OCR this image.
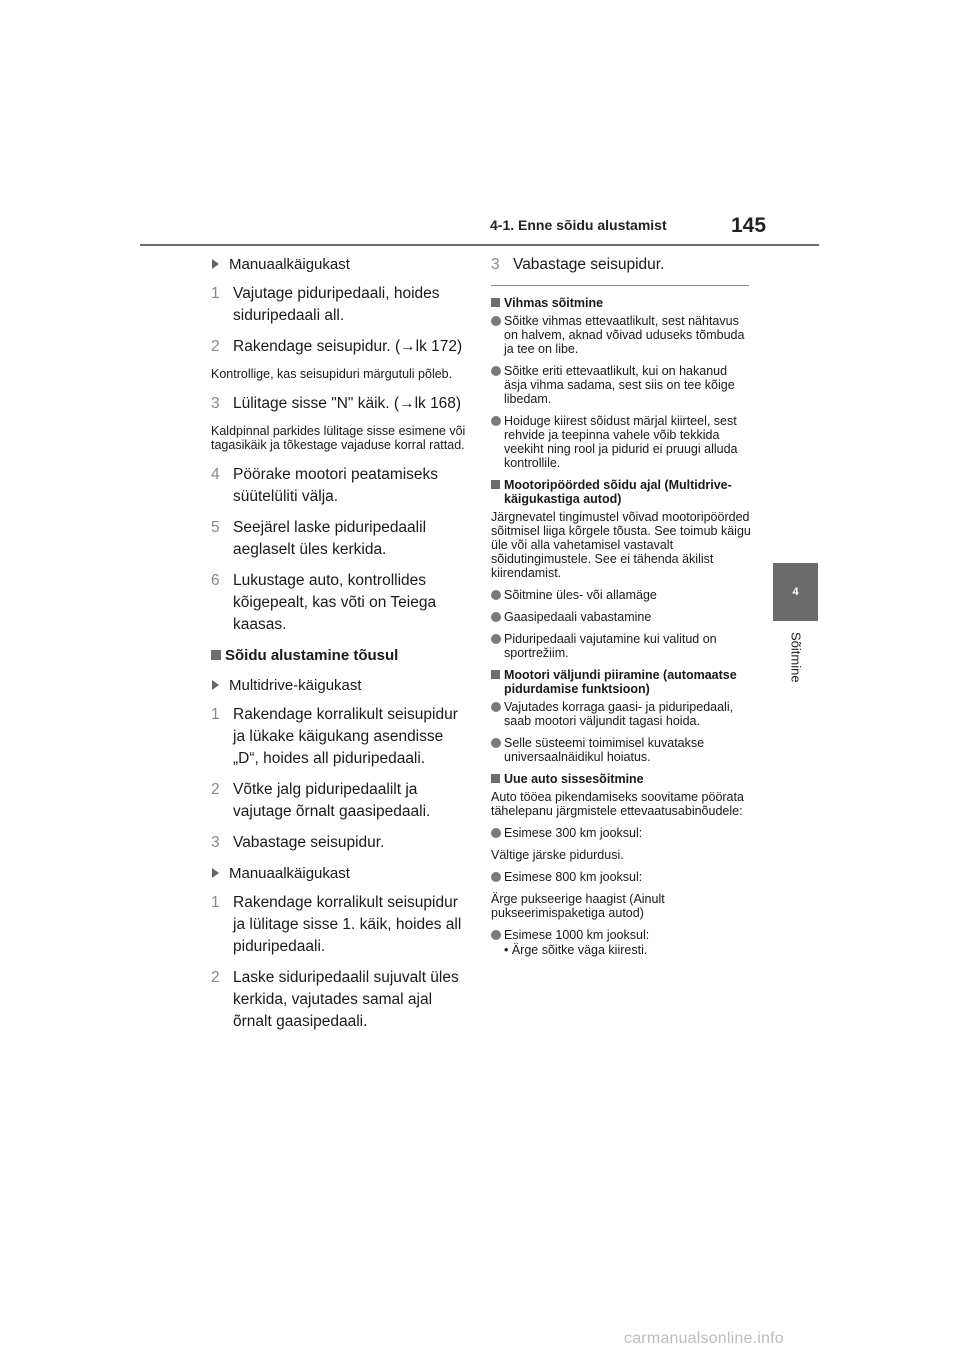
4-1. Enne sõidu alustamist	145
4
Sõitmine
Manuaalkäigukast
1 Vajutage piduripedaali, hoides siduripedaali all.
2 Rakendage seisupidur. (→lk 172)
Kontrollige, kas seisupiduri märgutuli põleb.
3 Lülitage sisse "N" käik. (→lk 168)
Kaldpinnal parkides lülitage sisse esimene või tagasikäik ja tõkestage vajaduse korral rattad.
4 Pöörake mootori peatamiseks süütelüliti välja.
5 Seejärel laske piduripedaalil aeglaselt üles kerkida.
6 Lukustage auto, kontrollides kõigepealt, kas võti on Teiega kaasas.
Sõidu alustamine tõusul
Multidrive-käigukast
1 Rakendage korralikult seisupidur ja lükake käigukang asendisse „D“, hoides all piduripedaali.
2 Võtke jalg piduripedaalilt ja vajutage õrnalt gaasipedaali.
3 Vabastage seisupidur.
Manuaalkäigukast
1 Rakendage korralikult seisupidur ja lülitage sisse 1. käik, hoides all piduripedaali.
2 Laske siduripedaalil sujuvalt üles kerkida, vajutades samal ajal õrnalt gaasipedaali.
3 Vabastage seisupidur.
Vihmas sõitmine
Sõitke vihmas ettevaatlikult, sest nähtavus on halvem, aknad võivad uduseks tõmbuda ja tee on libe.
Sõitke eriti ettevaatlikult, kui on hakanud äsja vihma sadama, sest siis on tee kõige libedam.
Hoiduge kiirest sõidust märjal kiirteel, sest rehvide ja teepinna vahele võib tekkida veekiht ning rool ja pidurid ei pruugi alluda kontrollile.
Mootoripöörded sõidu ajal (Multidrive-käigukastiga autod)
Järgnevatel tingimustel võivad mootoripöörded sõitmisel liiga kõrgele tõusta. See toimub käigu üle või alla vahetamisel vastavalt sõidutingimustele. See ei tähenda äkilist kiirendamist.
Sõitmine üles- või allamäge
Gaasipedaali vabastamine
Piduripedaali vajutamine kui valitud on sportrežiim.
Mootori väljundi piiramine (automaatse pidurdamise funktsioon)
Vajutades korraga gaasi- ja piduripedaali, saab mootori väljundit tagasi hoida.
Selle süsteemi toimimisel kuvatakse universaalnäidikul hoiatus.
Uue auto sissesõitmine
Auto tööea pikendamiseks soovitame pöörata tähelepanu järgmistele ettevaatusabinõudele:
Esimese 300 km jooksul:
Vältige järske pidurdusi.
Esimese 800 km jooksul:
Ärge pukseerige haagist (Ainult pukseerimispaketiga autod)
Esimese 1000 km jooksul:
• Ärge sõitke väga kiiresti.
carmanualsonline.info
